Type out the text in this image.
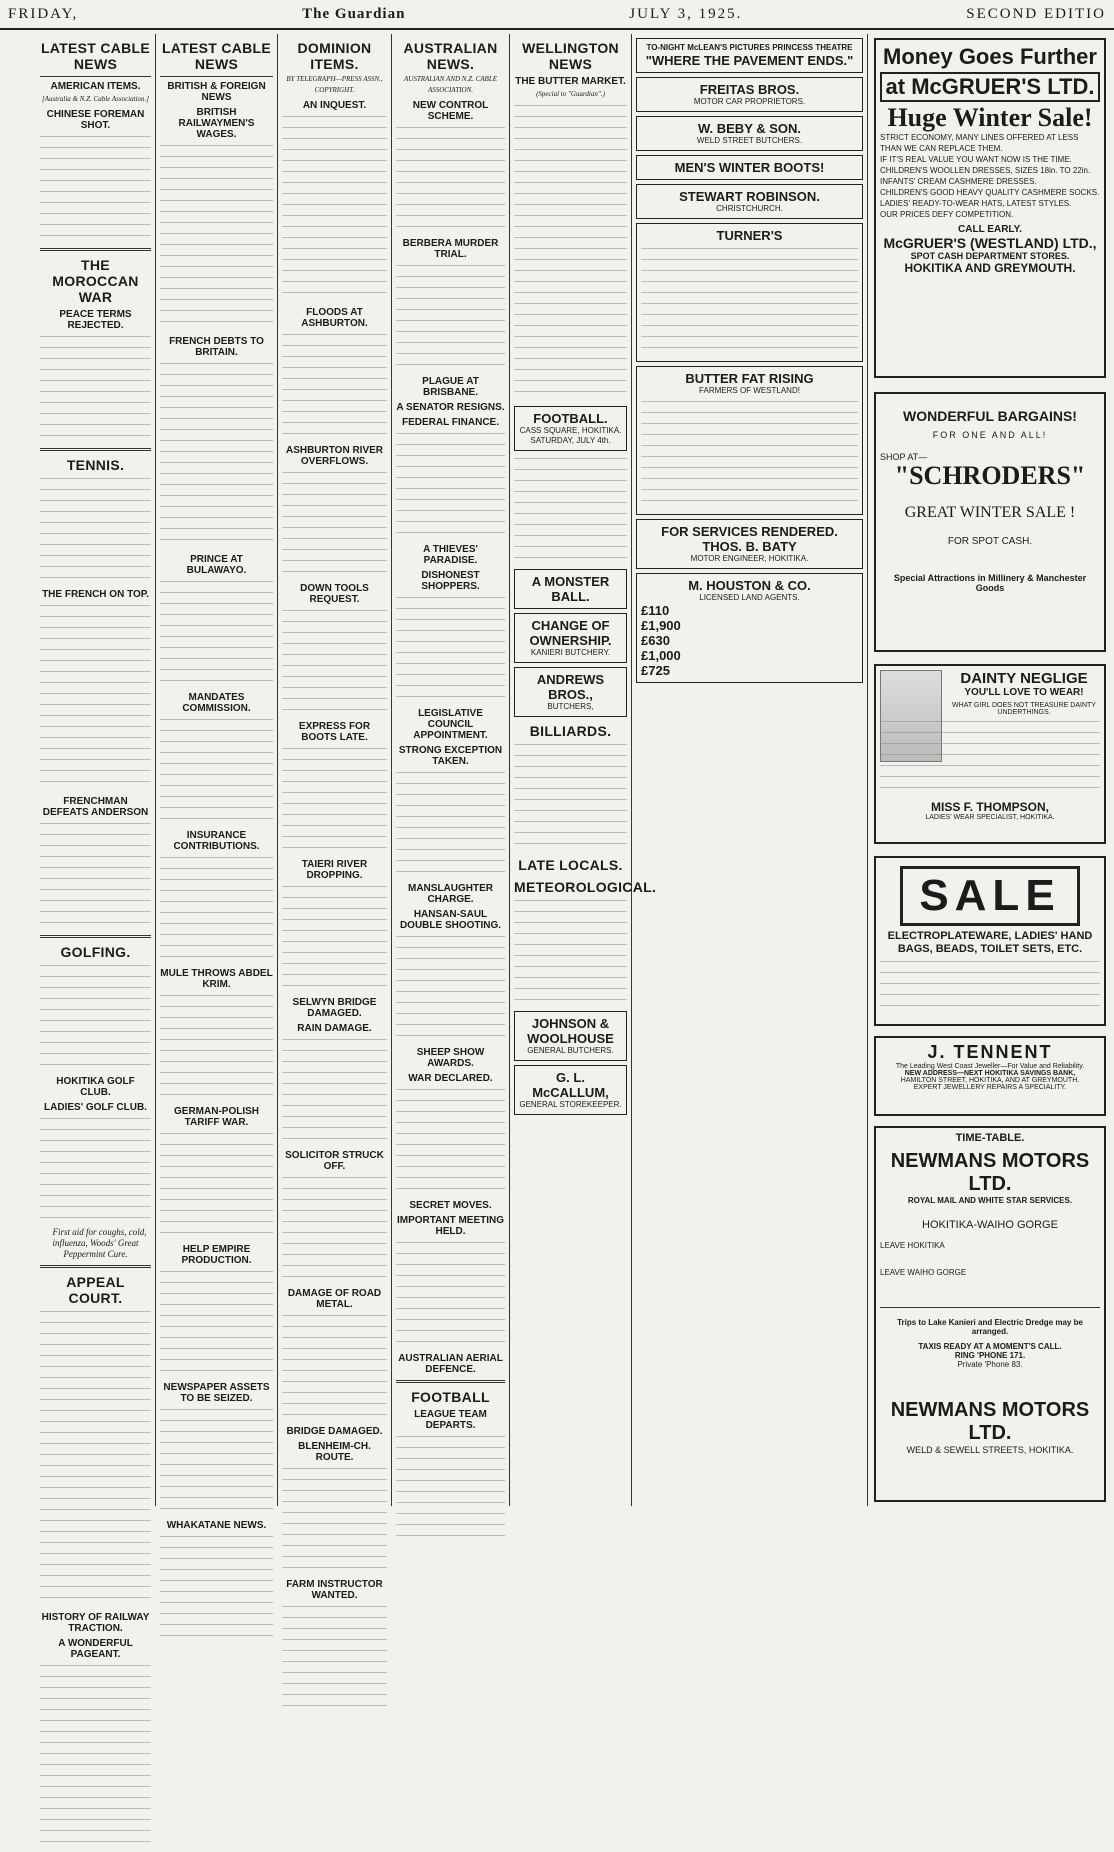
FRIDAY,	The Guardian	JULY 3, 1925.	SECOND EDITIO
LATEST CABLE NEWS
AMERICAN ITEMS.
[Australia & N.Z. Cable Association.]
CHINESE FOREMAN SHOT.
THE MOROCCAN WAR
PEACE TERMS REJECTED.
TENNIS.
THE FRENCH ON TOP.
FRENCHMAN DEFEATS ANDERSON
GOLFING.
HOKITIKA GOLF CLUB.
LADIES' GOLF CLUB.
First aid for coughs, cold, influenza, Woods' Great Peppermint Cure.
APPEAL COURT.
HISTORY OF RAILWAY TRACTION.
A WONDERFUL PAGEANT.
LATEST CABLE NEWS
BRITISH & FOREIGN NEWS
BRITISH RAILWAYMEN'S WAGES.
FRENCH DEBTS TO BRITAIN.
PRINCE AT BULAWAYO.
MANDATES COMMISSION.
INSURANCE CONTRIBUTIONS.
MULE THROWS ABDEL KRIM.
GERMAN-POLISH TARIFF WAR.
HELP EMPIRE PRODUCTION.
NEWSPAPER ASSETS TO BE SEIZED.
WHAKATANE NEWS.
DOMINION ITEMS.
BY TELEGRAPH—PRESS ASSN., COPYRIGHT.
AN INQUEST.
FLOODS AT ASHBURTON.
ASHBURTON RIVER OVERFLOWS.
DOWN TOOLS REQUEST.
EXPRESS FOR BOOTS LATE.
TAIERI RIVER DROPPING.
SELWYN BRIDGE DAMAGED.
RAIN DAMAGE.
SOLICITOR STRUCK OFF.
DAMAGE OF ROAD METAL.
BRIDGE DAMAGED.
BLENHEIM-CH. ROUTE.
FARM INSTRUCTOR WANTED.
AUSTRALIAN NEWS.
AUSTRALIAN AND N.Z. CABLE ASSOCIATION.
NEW CONTROL SCHEME.
BERBERA MURDER TRIAL.
PLAGUE AT BRISBANE.
A SENATOR RESIGNS.
FEDERAL FINANCE.
A THIEVES' PARADISE.
DISHONEST SHOPPERS.
LEGISLATIVE COUNCIL APPOINTMENT.
STRONG EXCEPTION TAKEN.
MANSLAUGHTER CHARGE.
HANSAN-SAUL DOUBLE SHOOTING.
SHEEP SHOW AWARDS.
WAR DECLARED.
SECRET MOVES.
IMPORTANT MEETING HELD.
AUSTRALIAN AERIAL DEFENCE.
FOOTBALL
LEAGUE TEAM DEPARTS.
WELLINGTON NEWS
THE BUTTER MARKET.
(Special to "Guardian".)
FOOTBALL.
CASS SQUARE, HOKITIKA.
SATURDAY, JULY 4th.
A MONSTER BALL.
CHANGE OF OWNERSHIP.
KANIERI BUTCHERY.
ANDREWS BROS.,
BUTCHERS,
BILLIARDS.
LATE LOCALS.
METEOROLOGICAL.
JOHNSON & WOOLHOUSE
GENERAL BUTCHERS.
G. L. McCALLUM,
GENERAL STOREKEEPER.
TO-NIGHT McLEAN'S PICTURES PRINCESS THEATRE
"WHERE THE PAVEMENT ENDS."
FREITAS BROS.
MOTOR CAR PROPRIETORS.
W. BEBY & SON.
WELD STREET BUTCHERS.
MEN'S WINTER BOOTS!
STEWART ROBINSON.
CHRISTCHURCH.
TURNER'S
BUTTER FAT RISING
FARMERS OF WESTLAND!
FOR SERVICES RENDERED.
THOS. B. BATY
MOTOR ENGINEER, HOKITIKA.
M. HOUSTON & CO.
LICENSED LAND AGENTS.
£110
£1,900
£630
£1,000
£725
Money Goes Further
at McGRUER'S LTD.
Huge Winter Sale!
STRICT ECONOMY, MANY LINES OFFERED AT LESS THAN WE CAN REPLACE THEM.
IF IT'S REAL VALUE YOU WANT NOW IS THE TIME.
CHILDREN'S WOOLLEN DRESSES, SIZES 18in. TO 22in.
INFANTS' CREAM CASHMERE DRESSES.
CHILDREN'S GOOD HEAVY QUALITY CASHMERE SOCKS.
LADIES' READY-TO-WEAR HATS, LATEST STYLES.
OUR PRICES DEFY COMPETITION.
CALL EARLY.
McGRUER'S (WESTLAND) LTD.,
SPOT CASH DEPARTMENT STORES.
HOKITIKA AND GREYMOUTH.
WONDERFUL BARGAINS!
FOR ONE AND ALL!
SHOP AT—
"SCHRODERS"
GREAT WINTER SALE !
FOR SPOT CASH.
Special Attractions in Millinery & Manchester Goods
DAINTY NEGLIGE
YOU'LL LOVE TO WEAR!
WHAT GIRL DOES NOT TREASURE DAINTY UNDERTHINGS.
MISS F. THOMPSON,
LADIES' WEAR SPECIALIST, HOKITIKA.
SALE
ELECTROPLATEWARE, LADIES' HAND BAGS, BEADS, TOILET SETS, ETC.
J. TENNENT
The Leading West Coast Jeweller—For Value and Reliability.
NEW ADDRESS—NEXT HOKITIKA SAVINGS BANK,
HAMILTON STREET, HOKITIKA, AND AT GREYMOUTH.
EXPERT JEWELLERY REPAIRS A SPECIALITY.
TIME-TABLE.
NEWMANS MOTORS LTD.
ROYAL MAIL AND WHITE STAR SERVICES.
HOKITIKA-WAIHO GORGE
LEAVE HOKITIKA
LEAVE WAIHO GORGE
Trips to Lake Kanieri and Electric Dredge may be arranged.
TAXIS READY AT A MOMENT'S CALL.
RING 'PHONE 171.
Private 'Phone 83.
NEWMANS MOTORS LTD.
WELD & SEWELL STREETS, HOKITIKA.
